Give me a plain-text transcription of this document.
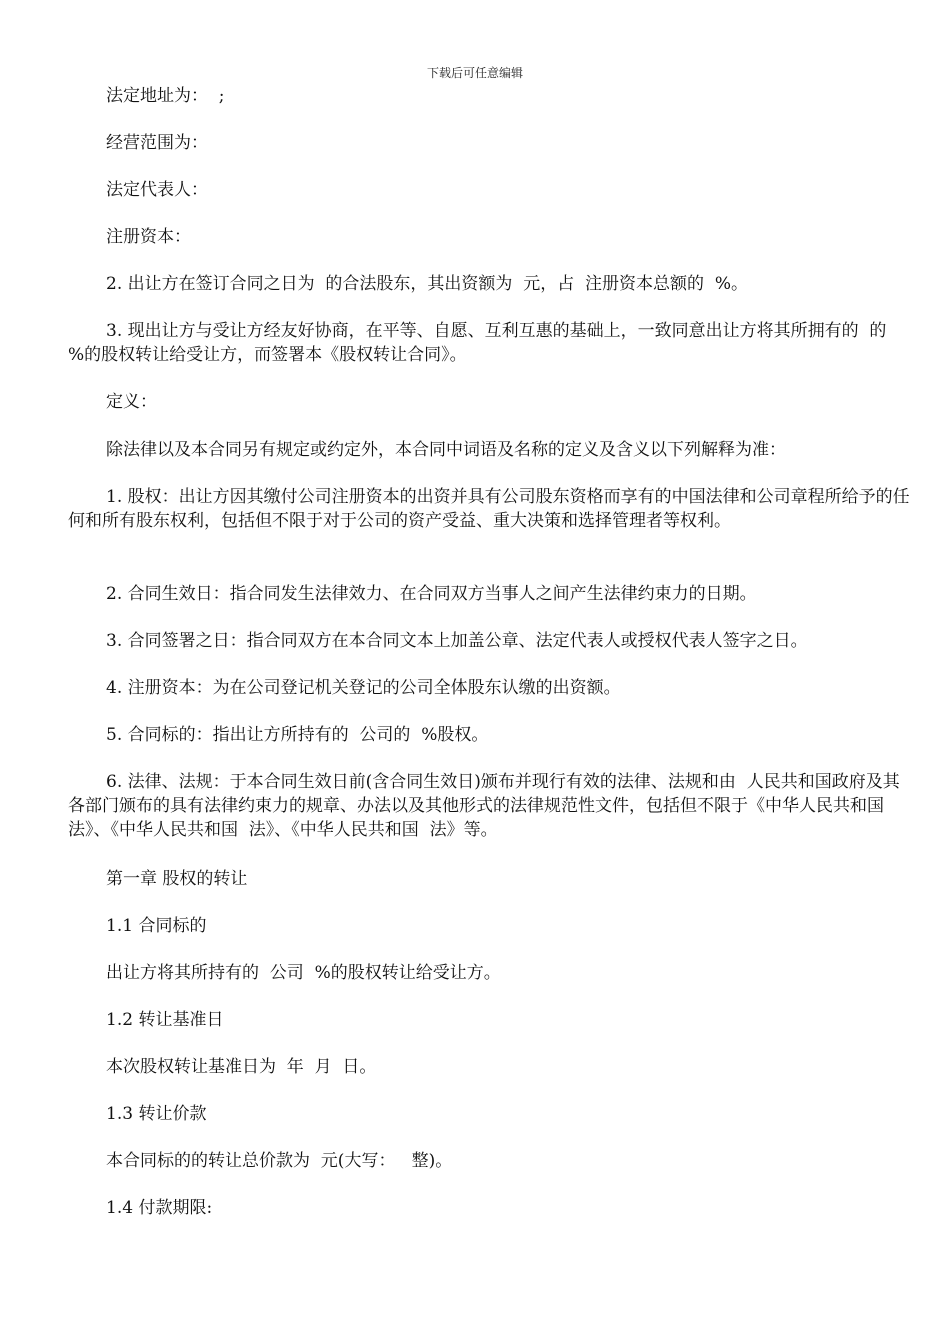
下载后可任意编辑

法定地址为：  ;

经营范围为：

法定代表人：

注册资本：

2. 出让方在签订合同之日为  的合法股东，其出资额为  元，占  注册资本总额的  %。

3. 现出让方与受让方经友好协商，在平等、自愿、互利互惠的基础上，一致同意出让方将其所拥有的  的  %的股权转让给受让方，而签署本《股权转让合同》。

定义：

除法律以及本合同另有规定或约定外，本合同中词语及名称的定义及含义以下列解释为准：

1. 股权：出让方因其缴付公司注册资本的出资并具有公司股东资格而享有的中国法律和公司章程所给予的任何和所有股东权利，包括但不限于对于公司的资产受益、重大决策和选择管理者等权利。

2. 合同生效日：指合同发生法律效力、在合同双方当事人之间产生法律约束力的日期。

3. 合同签署之日：指合同双方在本合同文本上加盖公章、法定代表人或授权代表人签字之日。

4. 注册资本：为在公司登记机关登记的公司全体股东认缴的出资额。

5. 合同标的：指出让方所持有的  公司的  %股权。

6. 法律、法规：于本合同生效日前(含合同生效日)颁布并现行有效的法律、法规和由  人民共和国政府及其各部门颁布的具有法律约束力的规章、办法以及其他形式的法律规范性文件，包括但不限于《中华人民共和国  法》、《中华人民共和国  法》、《中华人民共和国  法》等。

第一章 股权的转让

1.1 合同标的

出让方将其所持有的  公司  %的股权转让给受让方。

1.2 转让基准日

本次股权转让基准日为  年  月  日。

1.3 转让价款

本合同标的的转让总价款为  元(大写：   整)。

1.4 付款期限:
